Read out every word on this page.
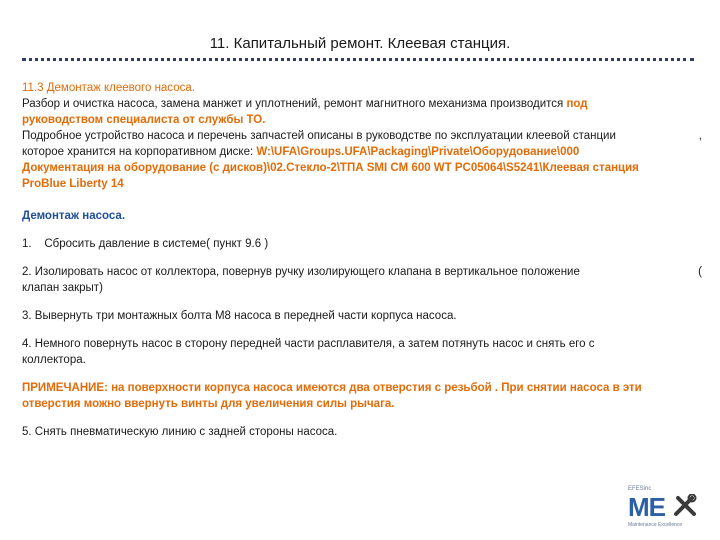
11. Капитальный ремонт. Клеевая станция.

11.3 Демонтаж клеевого насоса.

Разбор и очистка насоса, замена манжет и уплотнений, ремонт магнитного механизма производится под

руководством специалиста от службы ТО.

Подробное устройство насоса и перечень запчастей описаны в руководстве по эксплуатации клеевой станции	,

которое хранится на корпоративном диске: W:\UFA\Groups.UFA\Packaging\Private\Оборудование\000

Документация на оборудование (с дисков)\02.Стекло-2\ТПА SMI CM 600 WT PC05064\S5241\Клеевая станция

ProBlue Liberty 14

Демонтаж насоса.

1. Сбросить давление в системе( пункт 9.6 )

2. Изолировать насос от коллектора, повернув ручку изолирующего клапана в вертикальное положение	(

клапан закрыт)

3. Вывернуть три монтажных болта М8 насоса в передней части корпуса насоса.

4. Немного повернуть насос в сторону передней части расплавителя, а затем потянуть насос и снять его с

коллектора.

ПРИМЕЧАНИЕ: на поверхности корпуса насоса имеются два отверстия с резьбой . При снятии насоса в эти

отверстия можно ввернуть винты для увеличения силы рычага.

5. Снять пневматическую линию с задней стороны насоса.

EFESinc
ME
Maintenance Excellence
